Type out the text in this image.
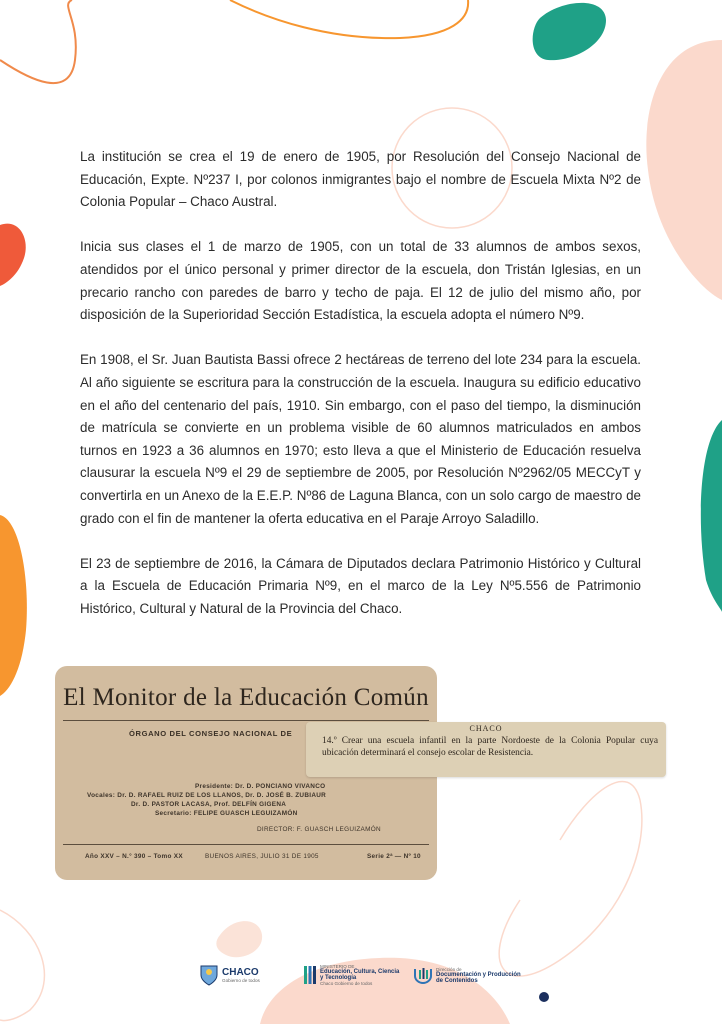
La institución se crea el 19 de enero de 1905, por Resolución del Consejo Nacional de Educación, Expte. Nº237 I, por colonos inmigrantes bajo el nombre de Escuela Mixta Nº2 de Colonia Popular – Chaco Austral.

Inicia sus clases el 1 de marzo de 1905, con un total de 33 alumnos de ambos sexos, atendidos por el único personal y primer director de la escuela, don Tristán Iglesias, en un precario rancho con paredes de barro y techo de paja. El 12 de julio del mismo año, por disposición de la Superioridad Sección Estadística, la escuela adopta el número Nº9.

En 1908, el Sr. Juan Bautista Bassi ofrece 2 hectáreas de terreno del lote 234 para la escuela. Al año siguiente se escritura para la construcción de la escuela. Inaugura su edificio educativo en el año del centenario del país, 1910. Sin embargo, con el paso del tiempo, la disminución de matrícula se convierte en un problema visible de 60 alumnos matriculados en ambos turnos en 1923 a 36 alumnos en 1970; esto lleva a que el Ministerio de Educación resuelva clausurar la escuela Nº9 el 29 de septiembre de 2005, por Resolución Nº2962/05 MECCyT y convertirla en un Anexo de la E.E.P. Nº86 de Laguna Blanca, con un solo cargo de maestro de grado con el fin de mantener la oferta educativa en el Paraje Arroyo Saladillo.

El 23 de septiembre de 2016, la Cámara de Diputados declara Patrimonio Histórico y Cultural a la Escuela de Educación Primaria Nº9, en el marco de la Ley Nº5.556 de Patrimonio Histórico, Cultural y Natural de la Provincia del Chaco.

El Monitor de la Educación Común
ÓRGANO DEL CONSEJO NACIONAL DE
Presidente: Dr. D. PONCIANO VIVANCO
Vocales: Dr. D. RAFAEL RUIZ DE LOS LLANOS, Dr. D. JOSÉ B. ZUBIAUR
Dr. D. PASTOR LACASA, Prof. DELFÍN GIGENA
Secretario: FELIPE GUASCH LEGUIZAMÓN
DIRECTOR: F. GUASCH LEGUIZAMÓN
Año XXV – N.° 390 – Tomo XX	BUENOS AIRES, JULIO 31 DE 1905	Serie 2ª — Nº 10
CHACO
14.º Crear una escuela infantil en la parte Nordoeste de la Colonia Popular cuya ubicación determinará el consejo escolar de Resistencia.
CHACO
Gobierno de todos
MINISTERIO DE
Educación, Cultura, Ciencia y Tecnología
Chaco Gobierno de todos
Dirección de
Documentación y Producción de Contenidos
